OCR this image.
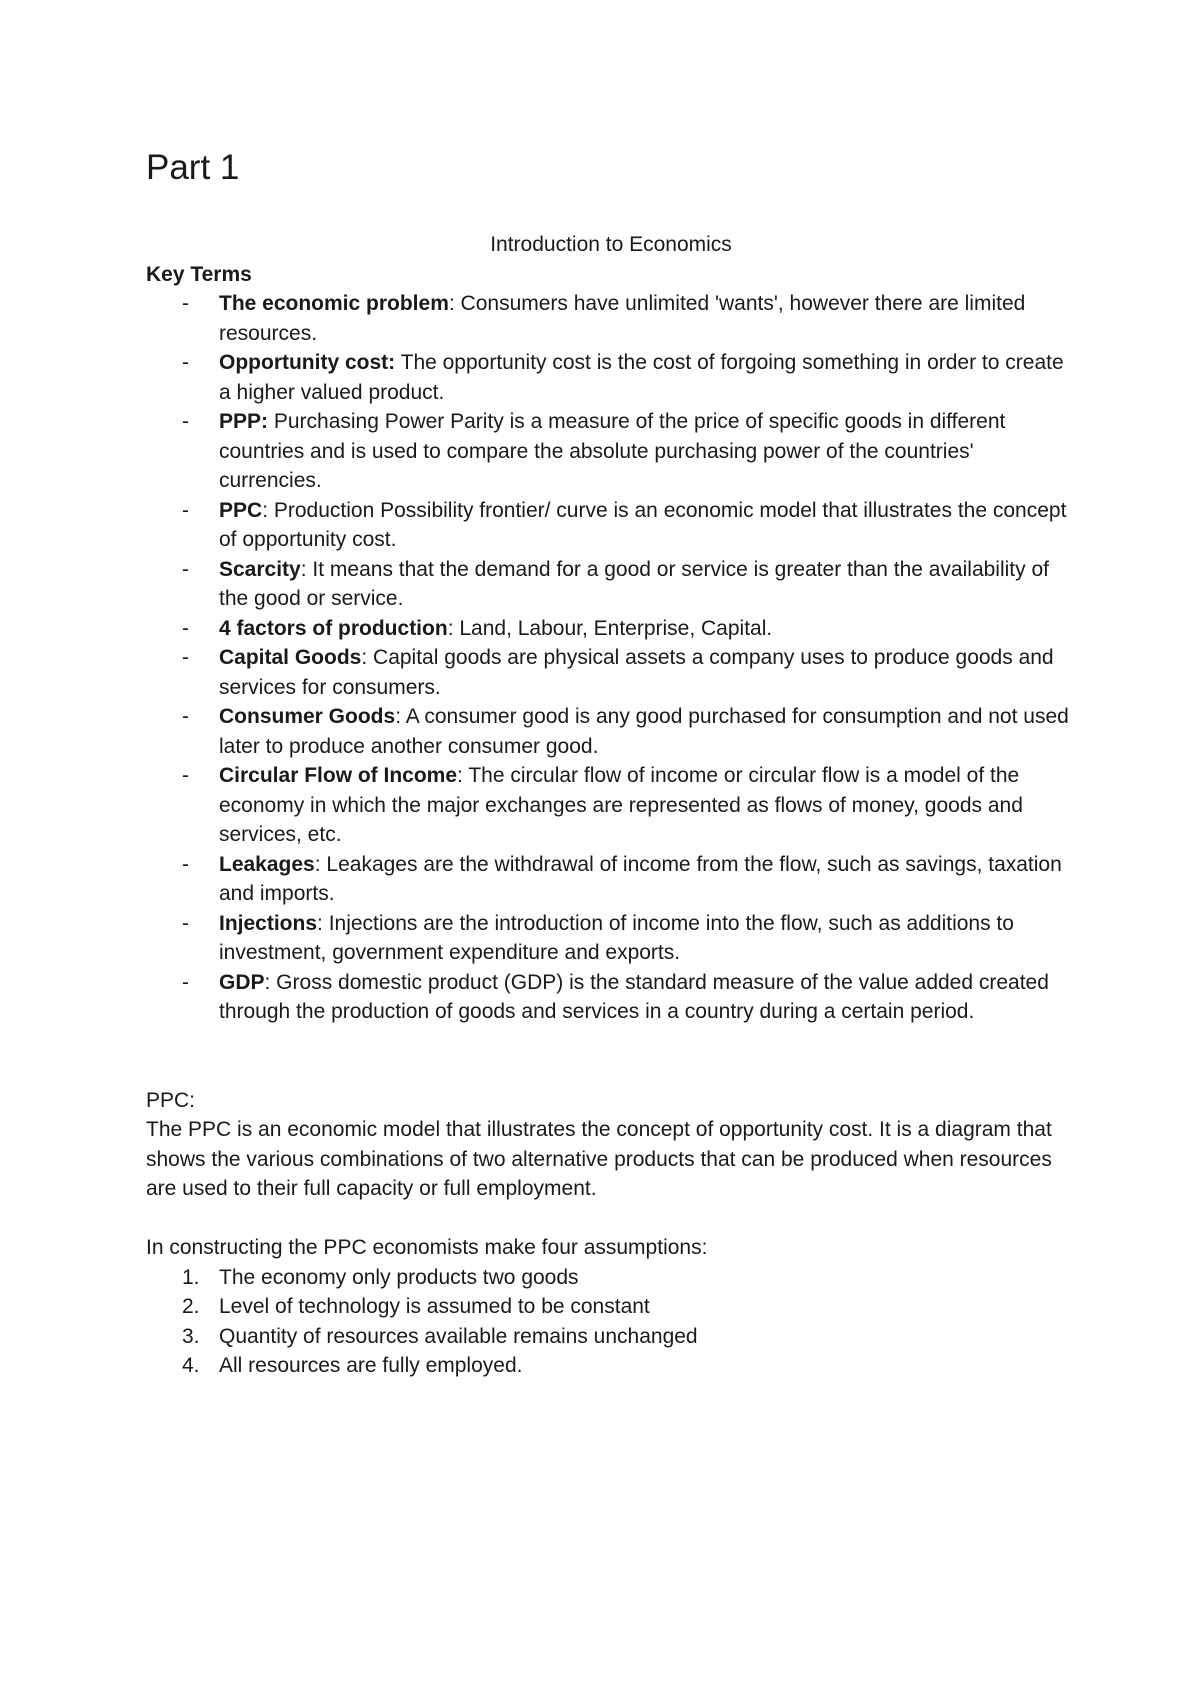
Part 1
Introduction to Economics
Key Terms
- The economic problem: Consumers have unlimited 'wants', however there are limited resources.
- Opportunity cost: The opportunity cost is the cost of forgoing something in order to create a higher valued product.
- PPP: Purchasing Power Parity is a measure of the price of specific goods in different countries and is used to compare the absolute purchasing power of the countries' currencies.
- PPC: Production Possibility frontier/ curve is an economic model that illustrates the concept of opportunity cost.
- Scarcity: It means that the demand for a good or service is greater than the availability of the good or service.
- 4 factors of production: Land, Labour, Enterprise, Capital.
- Capital Goods: Capital goods are physical assets a company uses to produce goods and services for consumers.
- Consumer Goods: A consumer good is any good purchased for consumption and not used later to produce another consumer good.
- Circular Flow of Income: The circular flow of income or circular flow is a model of the economy in which the major exchanges are represented as flows of money, goods and services, etc.
- Leakages: Leakages are the withdrawal of income from the flow, such as savings, taxation and imports.
- Injections: Injections are the introduction of income into the flow, such as additions to investment, government expenditure and exports.
- GDP: Gross domestic product (GDP) is the standard measure of the value added created through the production of goods and services in a country during a certain period.
PPC:
The PPC is an economic model that illustrates the concept of opportunity cost. It is a diagram that shows the various combinations of two alternative products that can be produced when resources are used to their full capacity or full employment.
In constructing the PPC economists make four assumptions:
1. The economy only products two goods
2. Level of technology is assumed to be constant
3. Quantity of resources available remains unchanged
4. All resources are fully employed.
